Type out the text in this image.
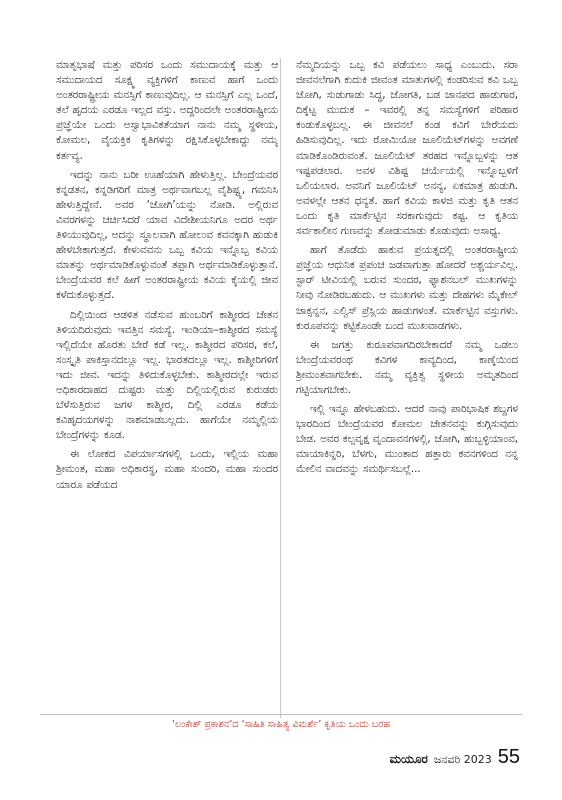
ಮಾತೃಭಾಷೆ ಮತ್ತು ಪರಿಸರ ಒಂದು ಸಮುದಾಯಕ್ಕೆ ಮತ್ತು ಆ ಸಮುದಾಯದ ಸೂಕ್ಷ್ಮ ವ್ಯಕ್ತಿಗಳಿಗೆ ಕಾಣುವ ಹಾಗೆ ಒಂದು ಅಂತರರಾಷ್ಟ್ರೀಯ ಮನಸ್ಸಿಗೆ ಕಾಣುವುದಿಲ್ಲ. ಆ ಮನಸ್ಸಿಗೆ ಎಲ್ಲ ಒಂದೆ, ತಲೆ ಹೃದಯ ಎರಡೂ ಇಲ್ಲದ ವಸ್ತು. ಅದ್ದರಿಂದಲೇ ಅಂತರರಾಷ್ಟ್ರೀಯ ಪ್ರಜ್ಞೆಯೇ ಒಂದು ಅಸ್ವಾಭಾವಿಕತೆಯಾಗ ನಾನು ನಮ್ಮ ಸ್ಥಳೀಯ, ಕೋಮಲ, ವೈಯಕ್ತಿಕ ಕೃತಿಗಳನ್ನು ರಕ್ಷಿಸಿಕೊಳ್ಳಬೇಕಾದ್ದು ನಮ್ಮ ಕರ್ತವ್ಯ.

ಇದನ್ನು ನಾನು ಬರೀ ಊಹೆಯಾಗಿ ಹೇಳುತ್ತಿಲ್ಲ. ಬೇಂದ್ರೆಯವರ ಕನ್ನಡತನ, ಕನ್ನಡಿಗರಿಗೆ ಮಾತ್ರ ಅರ್ಥವಾಗಬಲ್ಲ ವೈಶಿಷ್ಟ್ಯ, ಗಮನಿಸಿ ಹೇಳುತ್ತಿದ್ದೇನೆ. ಅವರ ‘ಜೋಗಿ’ಯನ್ನು ನೋಡಿ. ಅಲ್ಲಿರುವ ವಿವರಗಳನ್ನು ಚರ್ಚಿಸಿದರೆ ಯಾವ ವಿದೇಶೀಯನಿಗೂ ಅದರ ಅರ್ಥ ತಿಳಿಯುವುದಿಲ್ಲ, ಅದನ್ನು ಸ್ಥೂಲವಾಗಿ ಹೋಲುವ ಕವನಕ್ಕಾಗಿ ಹುಡುಕಿ ಹೇಳಬೇಕಾಗುತ್ತದೆ. ಕೇಳುವವನು ಒಬ್ಬ ಕವಿಯ ಇನ್ನೊಬ್ಬ ಕವಿಯ ಮಾತನ್ನು ಅರ್ಥಮಾಡಿಕೊಳ್ಳುವಂತೆ ತಪ್ಪಾಗಿ ಅರ್ಥಮಾಡಿಕೊಳ್ಳುತ್ತಾನೆ. ಬೇಂದ್ರೆಯವರ ಕಲೆ ಹೀಗೆ ಅಂತರರಾಷ್ಟ್ರೀಯ ಕವಿಯ ಕೈಯಲ್ಲಿ ಜೀವ ಕಳೆದುಕೊಳ್ಳುತ್ತದೆ.

ದಿಲ್ಲಿಯಿಂದ ಆಡಳಿತ ನಡೆಸುವ ಹುಂಬರಿಗೆ ಕಾಶ್ಮೀರದ ಚೇತನ ತಿಳಿಯದಿರುವುದು ಇವತ್ತಿನ ಸಮಸ್ಯೆ. ಇಂಡಿಯಾ–ಕಾಶ್ಮೀರದ ಸಮಸ್ಯೆ ಇಲ್ಲಿದೆಯೇ ಹೊರತು ಬೇರೆ ಕಡೆ ಇಲ್ಲ. ಕಾಶ್ಮೀರದ ಪರಿಸರ, ಕಲೆ, ಸಂಸ್ಕೃತಿ ಪಾಕಿಸ್ತಾನದಲ್ಲೂ ಇಲ್ಲ. ಭಾರತದಲ್ಲೂ ಇಲ್ಲ. ಕಾಶ್ಮೀರಿಗಳಿಗೆ ಇದು ಜೀವ. ಇದನ್ನು ತಿಳಿದುಕೊಳ್ಳಬೇಕು. ಕಾಶ್ಮೀರದಲ್ಲೇ ಇರುವ ಅಧಿಕಾರದಾಹದ ದುಷ್ಟರು ಮತ್ತು ದಿಲ್ಲಿಯಲ್ಲಿರುವ ಕುರುಡರು ಬೆಳೆಸುತ್ತಿರುವ ಜಗಳ ಕಾಶ್ಮೀರ, ದಿಲ್ಲಿ ಎರಡೂ ಕಡೆಯ ಕವಿಹೃದಯಗಳನ್ನು ನಾಶಮಾಡಬಲ್ಲದು. ಹಾಗೆಯೇ ನಮ್ಮಲ್ಲಿಯ ಬೇಂದ್ರೆಗಳನ್ನು ಕೂಡ.

ಈ ಲೋಕದ ವಿಪರ್ಯಾಸಗಳಲ್ಲಿ ಒಂದು, ಇಲ್ಲಿಯ ಮಹಾ ಶ್ರೀಮಂತ, ಮಹಾ ಅಧಿಕಾರಸ್ಥ, ಮಹಾ ಸುಂದರಿ, ಮಹಾ ಸುಂದರ ಯಾರೂ ಪಡೆಯದ

ನೆಮ್ಮದಿಯನ್ನು ಒಬ್ಬ ಕವಿ ಪಡೆಯಲು ಸಾಧ್ಯ ಎಂಬುದು. ಸರಾ ಜೀವನಲೆಗಾಗಿ ಕುದುಕಿ ಜೀವಂತ ಮಾತುಗಳಲ್ಲಿ ಕಂಡರಿಸುವ ಕವಿ ಒಬ್ಬ ಜೋಗಿ, ಸುಡುಗಾಡು ಸಿದ್ಧ, ಜೋಗತಿ, ಬಡ ಜಾನಪದ ಹಾಡುಗಾರ, ದಿಕ್ಕೆಟ್ಟ ಮುದುಕ – ಇವರಲ್ಲಿ ತನ್ನ ಸಮಸ್ಯೆಗಳಿಗೆ ಪರಿಹಾರ ಕಂಡುಕೊಳ್ಳಬಲ್ಲ. ಈ ಜೀವನಲೆ ಕಂಡ ಕವಿಗೆ ಬೇರೆಯದು ಹಿಡಿಸುವುದಿಲ್ಲ. ಇದು ರೋಮಿಯೋ ಜೂಲಿಯೆಟ್‌ಗಳನ್ನು ಅವಗಣೆ ಮಾಡಿಕೊಂಡಿರುವಂತೆ. ಜೂಲಿಯೆಟ್ ತರಹದ ಇನ್ನೊಬ್ಬಳನ್ನು ಆತ ಇಷ್ಟಪಡಲಾರ. ಅವಳ ವಿಶಿಷ್ಟ ಚರ್ಯೆಯಲ್ಲಿ ಇನ್ನೊಬ್ಬಳಿಗೆ ಒಲಿಯಲಾರ. ಅವನಿಗೆ ಜೂಲಿಯೆಟ್ ಅನನ್ಯ, ಏಕಮಾತ್ರ ಹುಡುಗಿ. ಅವಳಲ್ಲೇ ಆತನ ಧನ್ಯತೆ. ಹಾಗೆ ಕವಿಯ ಕಾಳಜಿ ಮತ್ತು ಕೃತಿ ಆತನ ಒಂದು ಕೃತಿ ಮಾರ್ಕೆಟ್ಟಿನ ಸರಕಾಗುವುದು ಕಷ್ಟ. ಆ ಕೃತಿಯ ಸರ್ವಕಾಲೀನ ಗುಣವನ್ನು ತೋಡುಮಾಡು ಕೊಡುವುದು ಅಸಾಧ್ಯ.

ಹಾಗೆ ತೊಡೆದು ಹಾಕುವ ಪ್ರಯತ್ನದಲ್ಲಿ ಅಂತರರಾಷ್ಟ್ರೀಯ ಪ್ರಜ್ಞೆಯ ಆಧುನಿಕ ಪ್ರಪಂಚ ಜಡವಾಗುತ್ತಾ ಹೋದರೆ ಅಶ್ಚರ್ಯವಿಲ್ಲ. ಸ್ಟಾರ್ ಟೀವಿಯಲ್ಲಿ ಬರುವ ಸುಂದರ, ಫ್ಯಾಶನಬಲ್ ಮುಖಗಳನ್ನು ನೀವು ನೋಡಿರಬಹುದು. ಆ ಮುಖಗಳು ಮತ್ತು ದೇಹಗಳು ಮೈಕೇಲ್ ಜಾಕ್ಸನ್ನನ, ಎಲ್ವಿಸ್ ಪ್ರೆಸ್ಲಿಯ ಹಾಡುಗಳಂತೆ. ಮಾರ್ಕೆಟ್ಟಿನ ವಸ್ತುಗಳು. ಕುರೂಪವನ್ನು ಕಟ್ಟಿಕೊಂಡೇ ಬಂದ ಮುಖವಾಡಗಳು.

ಈ ಜಗತ್ತು ಕುರೂಪವಾಗದಿರಬೇಕಾದರೆ ನಮ್ಮ ಒಡಲು ಬೇಂದ್ರೆಯವರಂಥ ಕವಿಗಳ ಕಾವ್ಯದಿಂದ, ಕಾಣ್ಕೆಯಿಂದ ಶ್ರೀಮಂತವಾಗಬೇಕು. ನಮ್ಮ ವ್ಯಕ್ತಿತ್ವ ಸ್ಥಳೀಯ ಅಮೃತದಿಂದ ಗಟ್ಟಿಯಾಗಬೇಕು.

ಇಲ್ಲಿ ಇನ್ನೂ ಹೇಳಬಹುದು. ಆದರೆ ನಾವು ಪಾರಿಭಾಷಿಕ ಶಬ್ದಗಳ ಭಾರದಿಂದ ಬೇಂದ್ರೆಯವರ ಕೋಮಲ ಚೇತನವನ್ನು ಕುಗ್ಗಿಸುವುದು ಬೇಡ. ಅವರ ಕಲ್ಪವೃಕ್ಷ ವೃಂದಾವನಗಳಲ್ಲಿ, ಜೋಗಿ, ಹುಬ್ಬಳ್ಳಿಯಾಂವ, ಮಾಯಾಕಿನ್ನರಿ, ಬೆಳಗು, ಮುಂತಾದ ಹತ್ತಾರು ಕವನಗಳಿಂದ ನನ್ನ ಮೇಲಿನ ವಾದವನ್ನು ಸಮರ್ಥಿಸಬಲ್ಲೆ...

‘ಲಂಕೇಶ್ ಪ್ರಕಾಶನ’ದ ‘ಸಾಹಿತಿ ಸಾಹಿತ್ಯ ವಿಮರ್ಶೆ’ ಕೃತಿಯ ಒಂದು ಬರಹ
ಮಯೂರ ಜನವರಿ 2023 55
